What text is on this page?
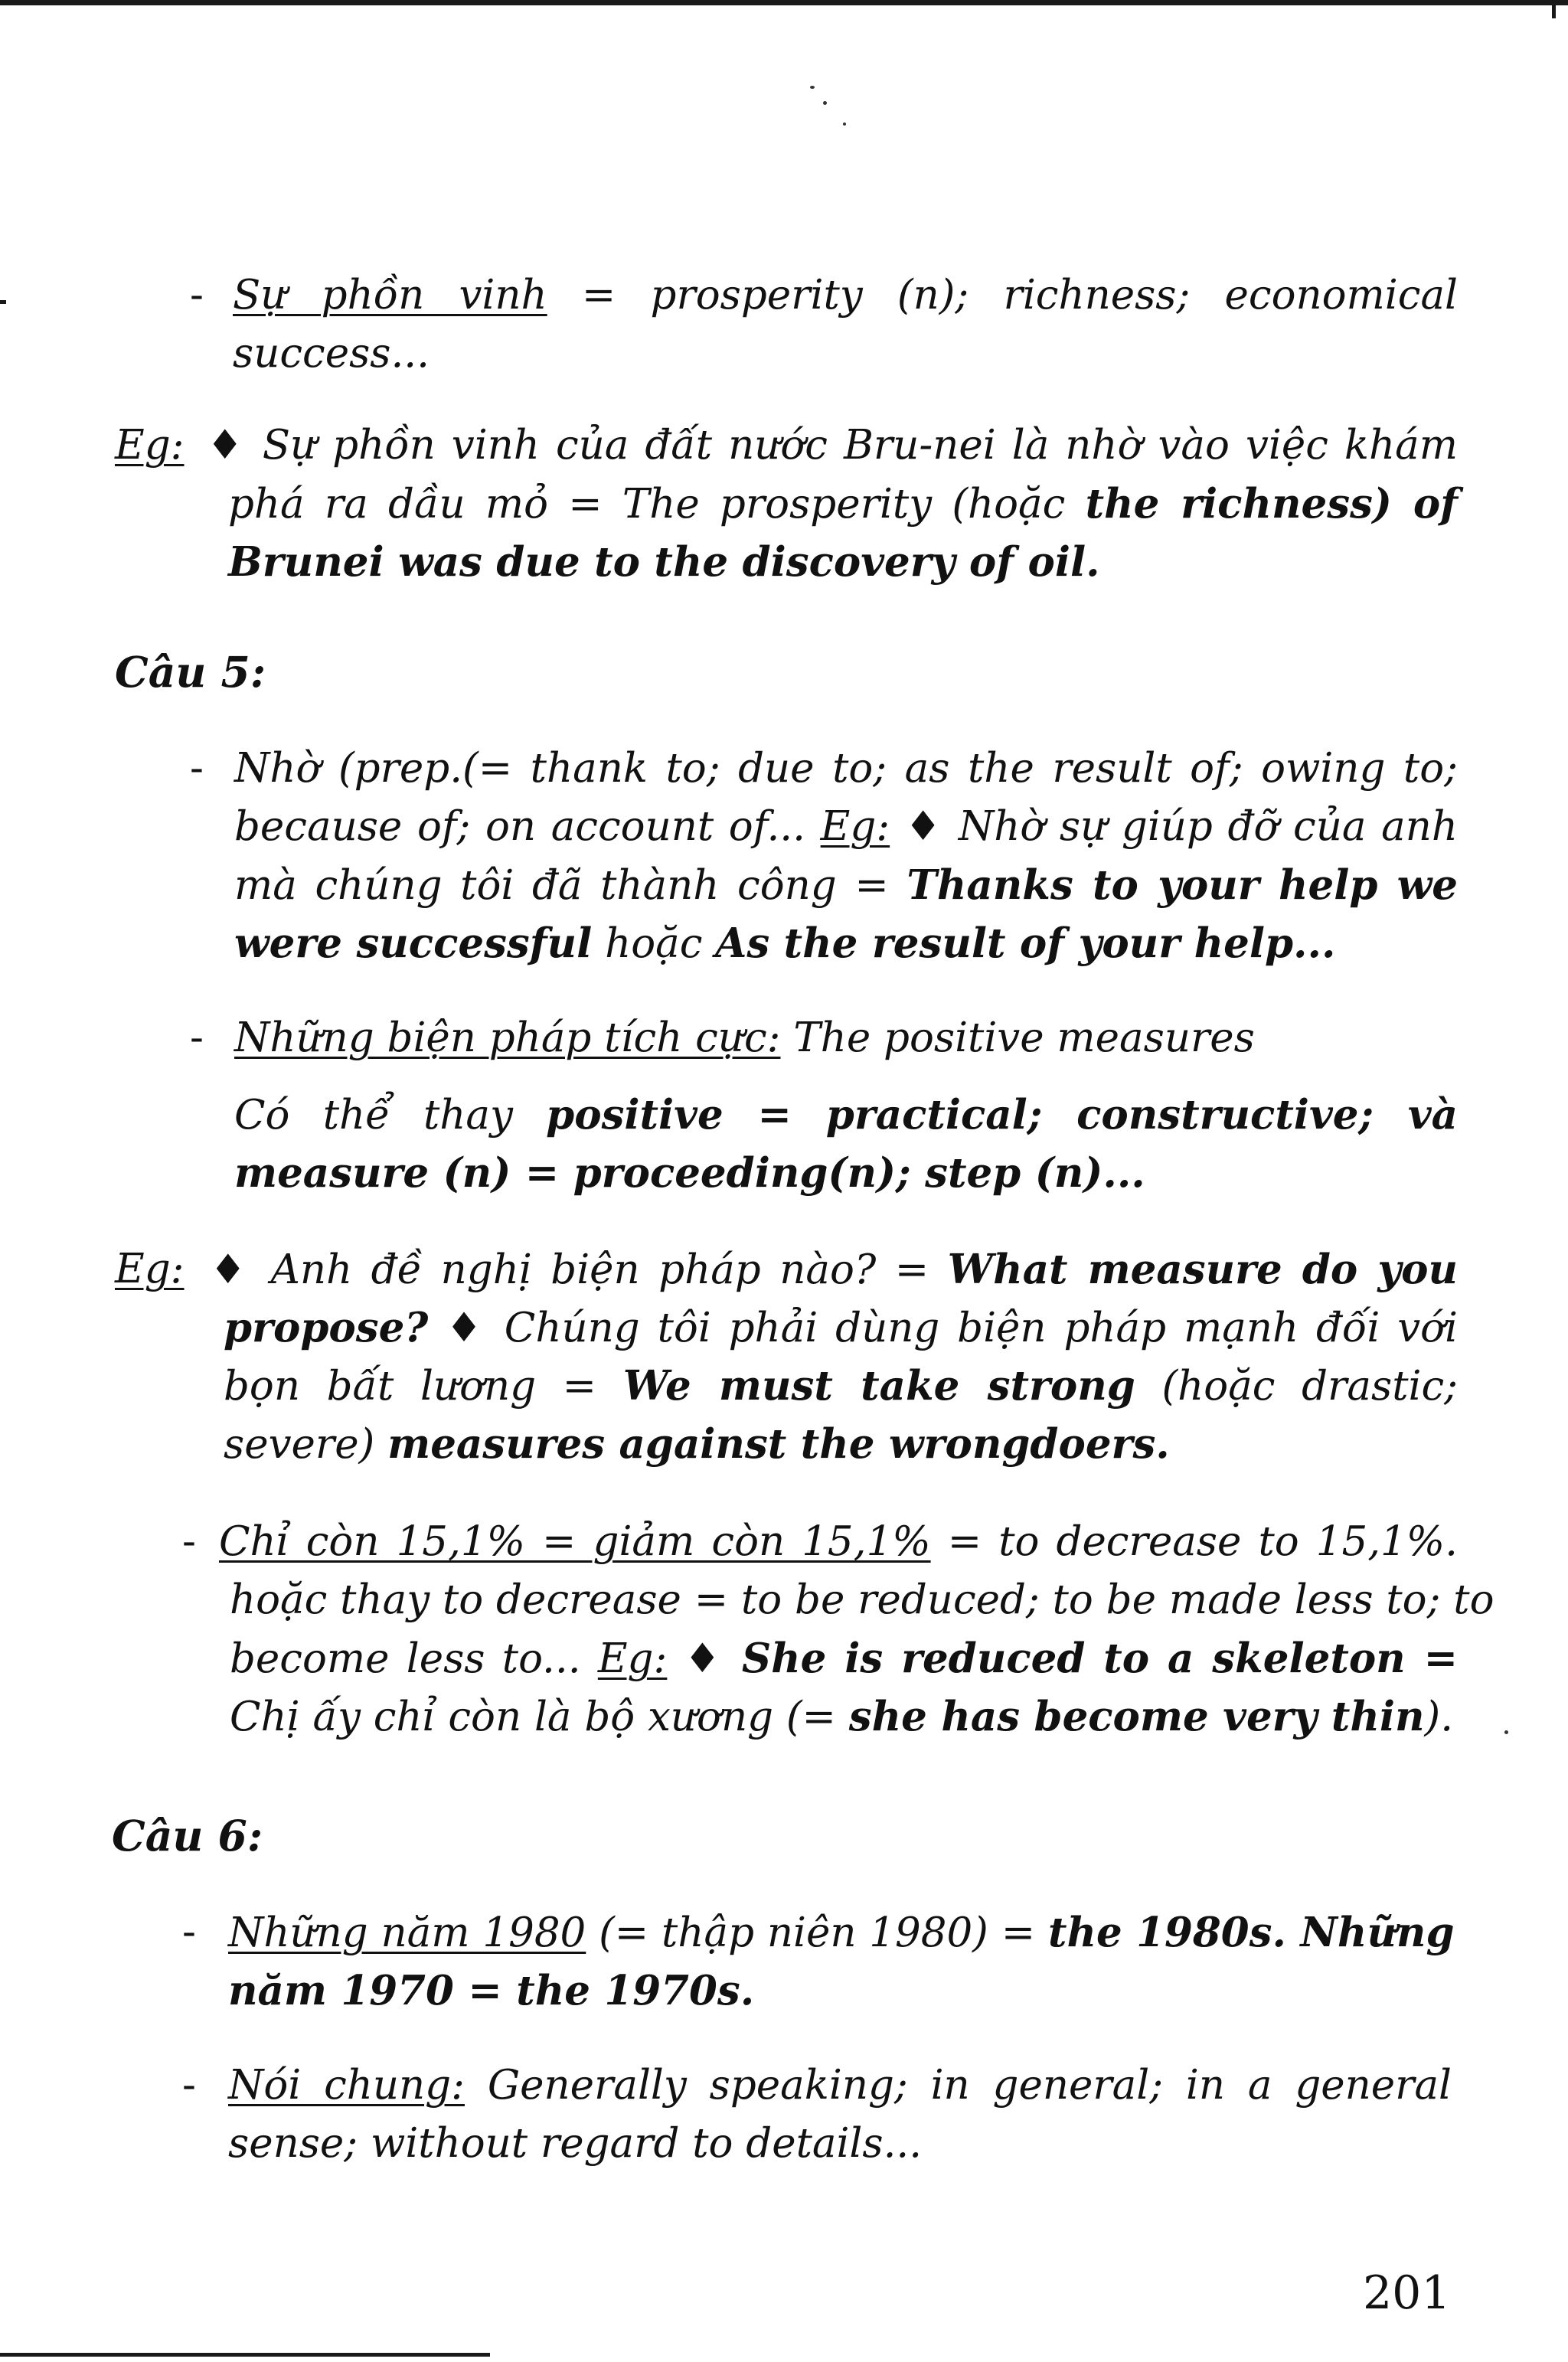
- Sự phồn vinh = prosperity (n); richness; economical
success...
Eg: ♦ Sự phồn vinh của đất nước Bru-nei là nhờ vào việc khám
phá ra dầu mỏ = The prosperity (hoặc the richness) of
Brunei was due to the discovery of oil.
Câu 5:
- Nhờ (prep.(= thank to; due to; as the result of; owing to;
because of; on account of... Eg: ♦ Nhờ sự giúp đỡ của anh
mà chúng tôi đã thành công = Thanks to your help we
were successful hoặc As the result of your help...
- Những biện pháp tích cực: The positive measures
Có thể thay positive = practical; constructive; và
measure (n) = proceeding(n); step (n)...
Eg: ♦ Anh đề nghị biện pháp nào? = What measure do you
propose? ♦ Chúng tôi phải dùng biện pháp mạnh đối với
bọn bất lương = We must take strong (hoặc drastic;
severe) measures against the wrongdoers.
- Chỉ còn 15,1% = giảm còn 15,1% = to decrease to 15,1%.
hoặc thay to decrease = to be reduced; to be made less to; to
become less to... Eg: ♦ She is reduced to a skeleton =
Chị ấy chỉ còn là bộ xương (= she has become very thin).
Câu 6:
- Những năm 1980 (= thập niên 1980) = the 1980s. Những
năm 1970 = the 1970s.
- Nói chung: Generally speaking; in general; in a general
sense; without regard to details...
201
